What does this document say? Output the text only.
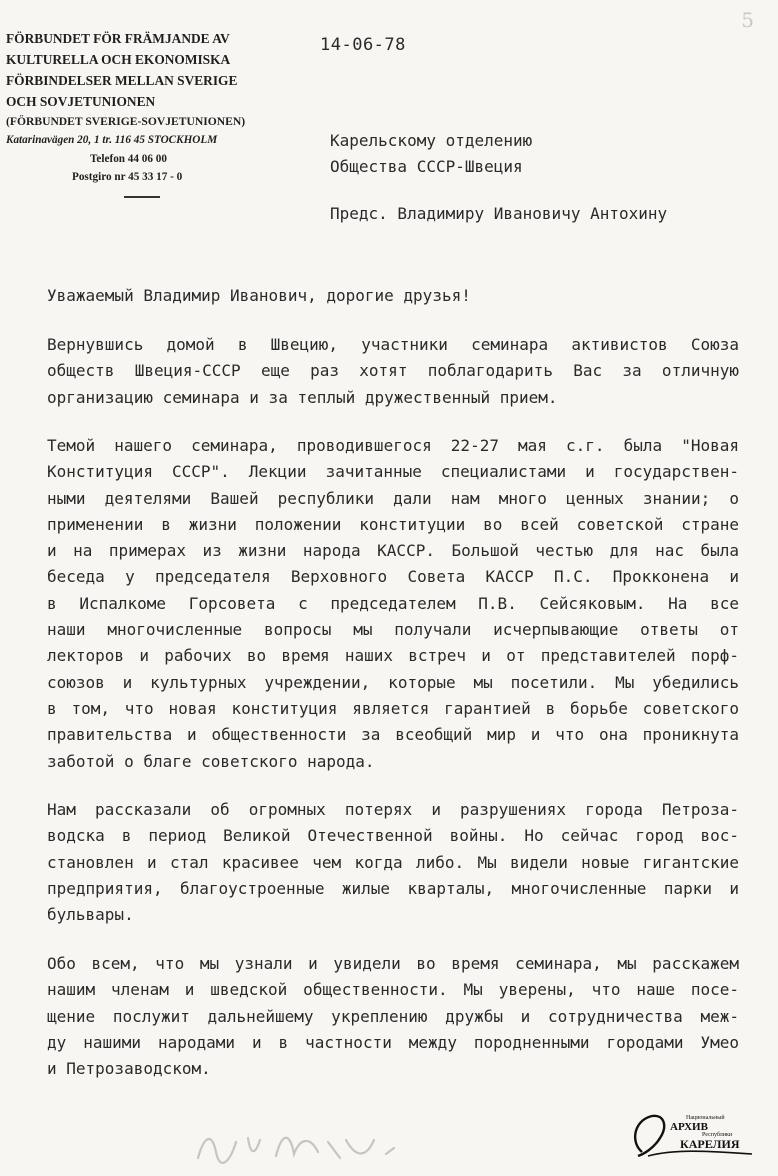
FÖRBUNDET FÖR FRÄMJANDE AV
KULTURELLA OCH EKONOMISKA
FÖRBINDELSER MELLAN SVERIGE
OCH SOVJETUNIONEN
(FÖRBUNDET SVERIGE-SOVJETUNIONEN)
Katarinavägen 20, 1 tr. 116 45 STOCKHOLM
Telefon 44 06 00
Postgiro nr 45 33 17 - 0
14-06-78
Карельскому отделению
Общества СССР-Швеция
Предс. Владимиру Ивановичу Антохину
Уважаемый Владимир Иванович, дорогие друзья!
Вернувшись домой в Швецию, участники семинара активистов Союза
обществ Швеция-СССР еще раз хотят поблагодарить Вас за отличную
организацию семинара и за теплый дружественный прием.
Темой нашего семинара, проводившегося 22-27 мая с.г. была "Новая
Конституция СССР". Лекции зачитанные специалистами и государствен-
ными деятелями Вашей республики дали нам много ценных знании; о
применении в жизни положении конституции во всей советской стране
и на примерах из жизни народа КАССР. Большой честью для нас была
беседа у председателя Верховного Совета КАССР П.С. Прокконена и
в Испалкоме Горсовета с председателем П.В. Сейсяковым. На все
наши многочисленные вопросы мы получали исчерпывающие ответы от
лекторов и рабочих во время наших встреч и от представителей порф-
союзов и культурных учреждении, которые мы посетили. Мы убедились
в том, что новая конституция является гарантией в борьбе советского
правительства и общественности за всеобщий мир и что она проникнута
заботой о благе советского народа.
Нам рассказали об огромных потерях и разрушениях города Петроза-
водска в период Великой Отечественной войны. Но сейчас город вос-
становлен и стал красивее чем когда либо. Мы видели новые гигантские
предприятия, благоустроенные жилые кварталы, многочисленные парки и
бульвары.
Обо всем, что мы узнали и увидели во время семинара, мы расскажем
нашим членам и шведской общественности. Мы уверены, что наше посе-
щение послужит дальнейшему укреплению дружбы и сотрудничества меж-
ду нашими народами и в частности между породненными городами Умео
и Петрозаводском.
5
Национальный
АРХИВ
Республики
КАРЕЛИЯ
